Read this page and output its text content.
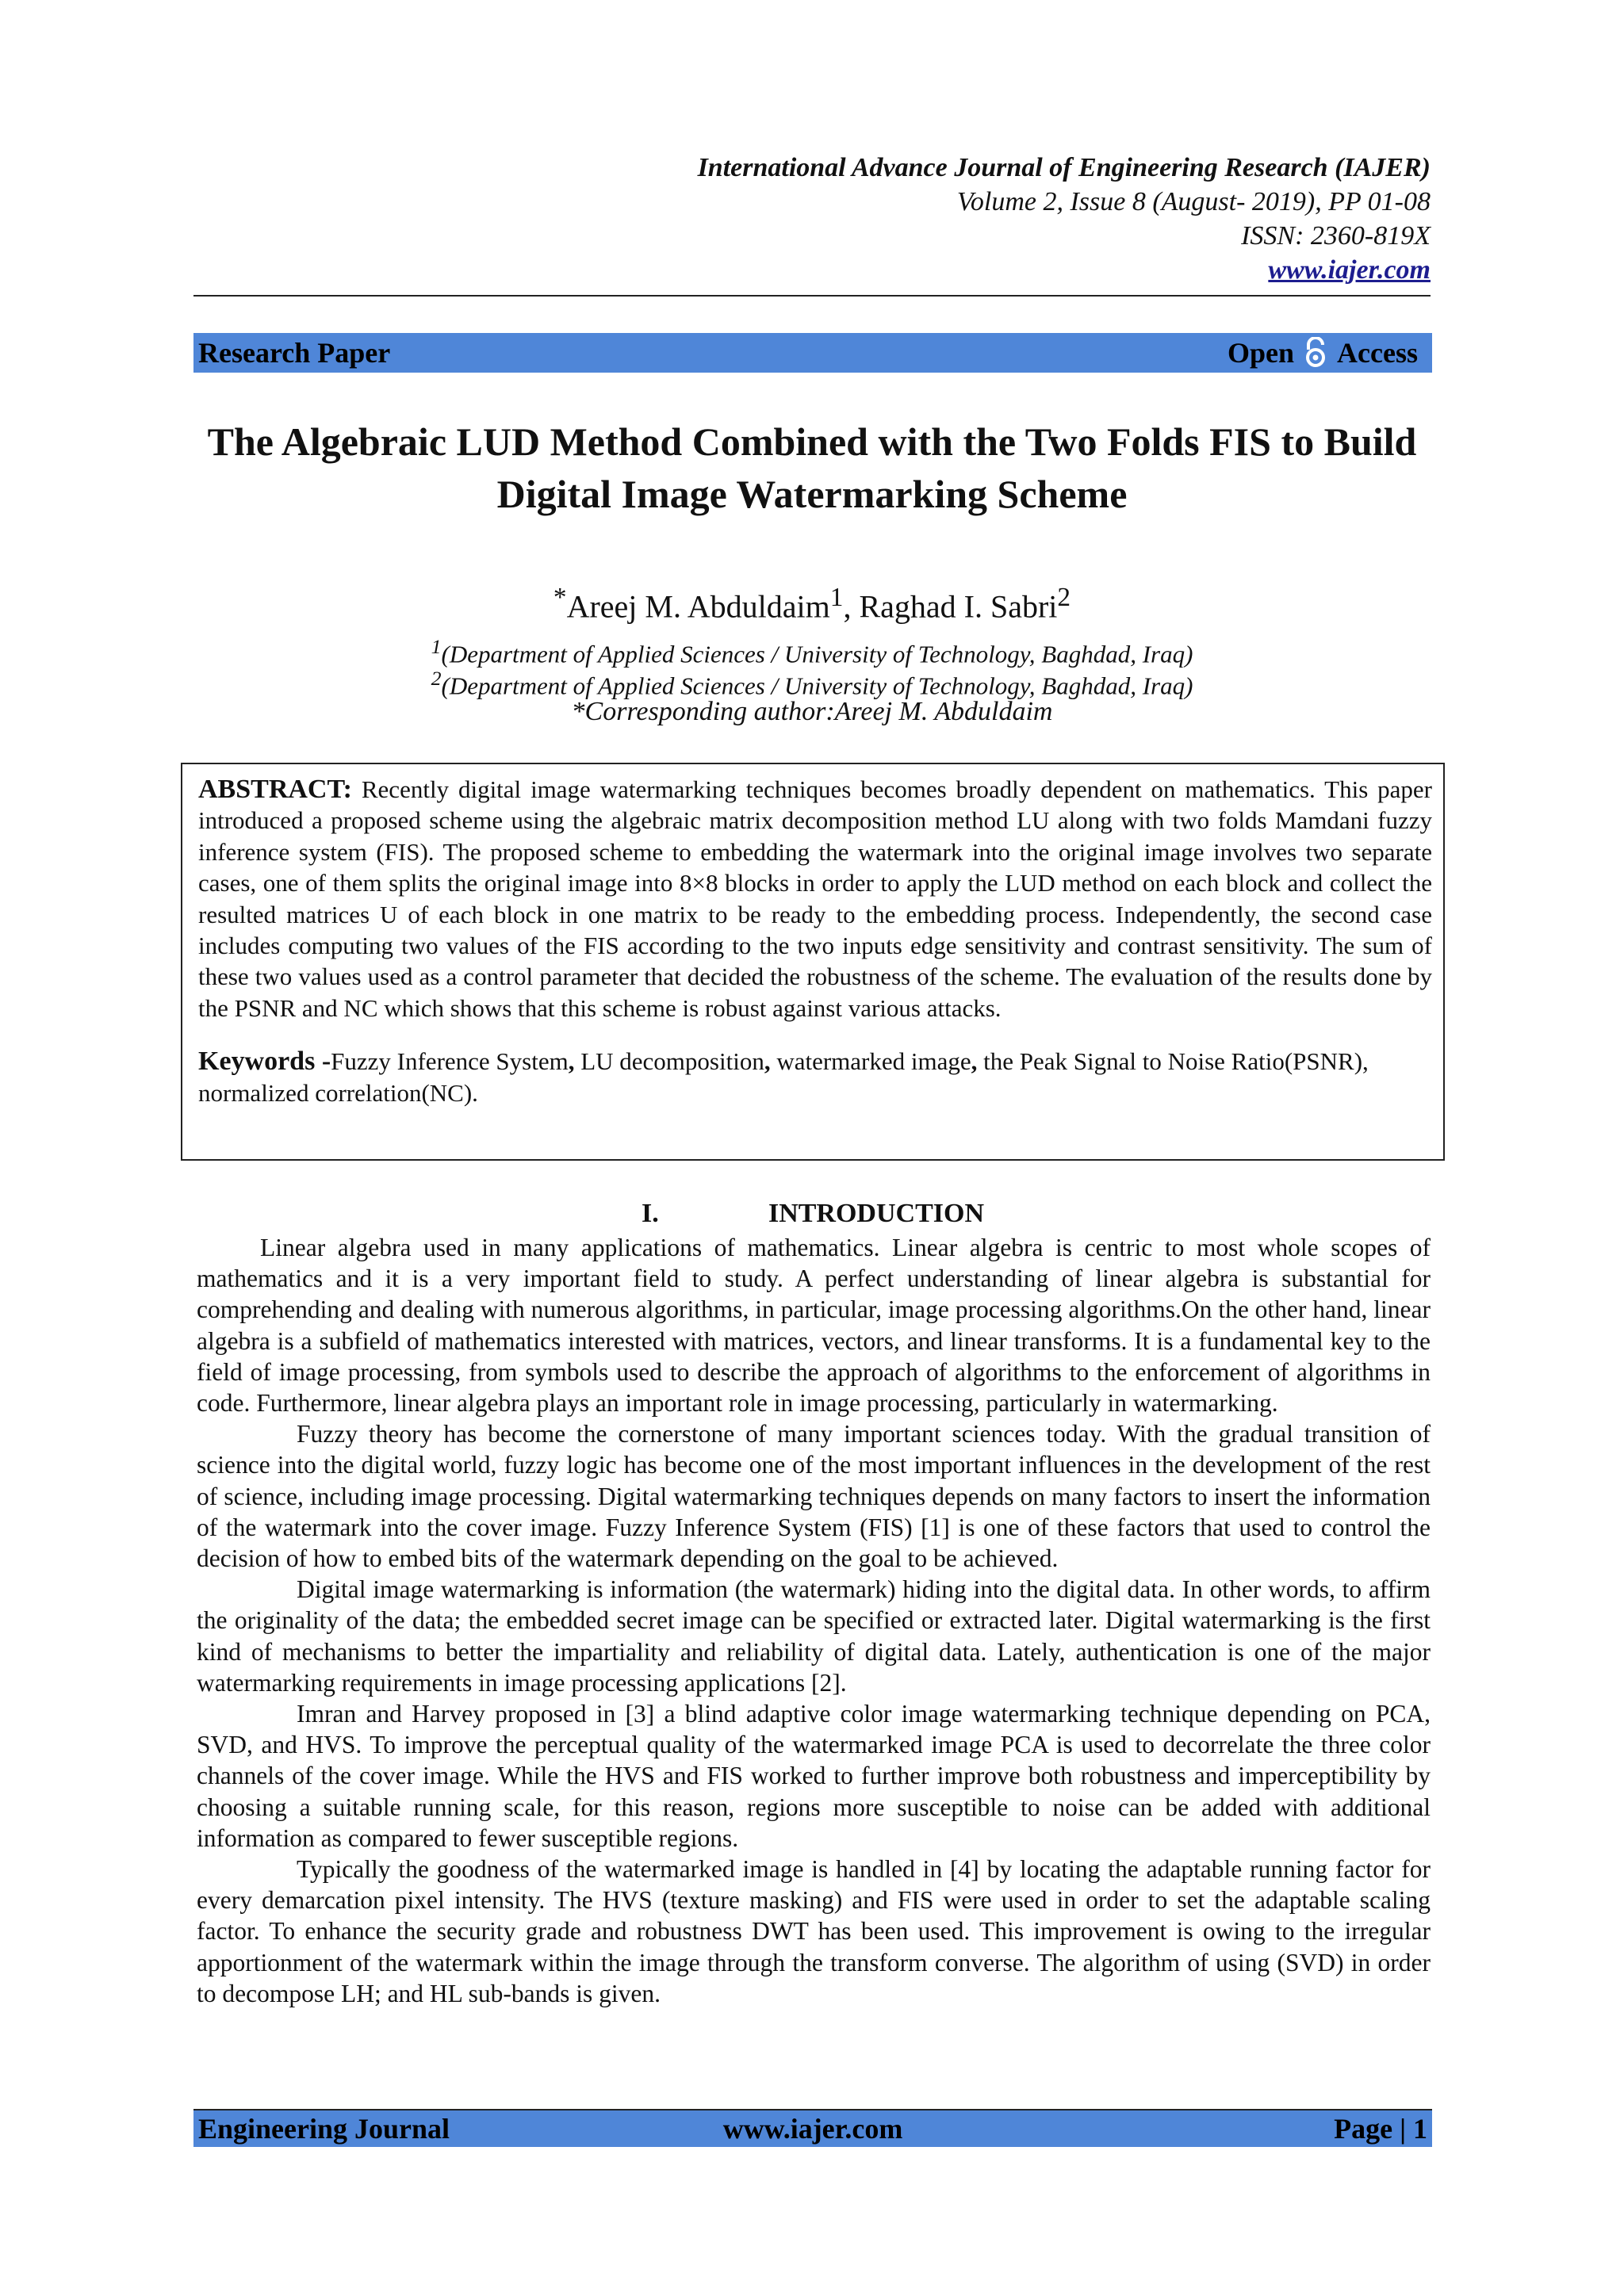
International Advance Journal of Engineering Research (IAJER)
Volume 2, Issue 8 (August- 2019), PP 01-08
ISSN: 2360-819X
www.iajer.com
Research Paper	Open Access
The Algebraic LUD Method Combined with the Two Folds FIS to Build Digital Image Watermarking Scheme
*Areej M. Abduldaim$^1$, Raghad I. Sabri$^2$
$^1$(Department of Applied Sciences / University of Technology, Baghdad, Iraq)
$^2$(Department of Applied Sciences / University of Technology, Baghdad, Iraq)
*Corresponding author:Areej M. Abduldaim
ABSTRACT: Recently digital image watermarking techniques becomes broadly dependent on mathematics. This paper introduced a proposed scheme using the algebraic matrix decomposition method LU along with two folds Mamdani fuzzy inference system (FIS). The proposed scheme to embedding the watermark into the original image involves two separate cases, one of them splits the original image into 8×8 blocks in order to apply the LUD method on each block and collect the resulted matrices U of each block in one matrix to be ready to the embedding process. Independently, the second case includes computing two values of the FIS according to the two inputs edge sensitivity and contrast sensitivity. The sum of these two values used as a control parameter that decided the robustness of the scheme. The evaluation of the results done by the PSNR and NC which shows that this scheme is robust against various attacks.
Keywords -Fuzzy Inference System, LU decomposition, watermarked image, the Peak Signal to Noise Ratio(PSNR), normalized correlation(NC).
I.	INTRODUCTION

Linear algebra used in many applications of mathematics. Linear algebra is centric to most whole scopes of mathematics and it is a very important field to study. A perfect understanding of linear algebra is substantial for comprehending and dealing with numerous algorithms, in particular, image processing algorithms.On the other hand, linear algebra is a subfield of mathematics interested with matrices, vectors, and linear transforms. It is a fundamental key to the field of image processing, from symbols used to describe the approach of algorithms to the enforcement of algorithms in code. Furthermore, linear algebra plays an important role in image processing, particularly in watermarking.

Fuzzy theory has become the cornerstone of many important sciences today. With the gradual transition of science into the digital world, fuzzy logic has become one of the most important influences in the development of the rest of science, including image processing. Digital watermarking techniques depends on many factors to insert the information of the watermark into the cover image. Fuzzy Inference System (FIS) [1] is one of these factors that used to control the decision of how to embed bits of the watermark depending on the goal to be achieved.

Digital image watermarking is information (the watermark) hiding into the digital data. In other words, to affirm the originality of the data; the embedded secret image can be specified or extracted later. Digital watermarking is the first kind of mechanisms to better the impartiality and reliability of digital data. Lately, authentication is one of the major watermarking requirements in image processing applications [2].

Imran and Harvey proposed in [3] a blind adaptive color image watermarking technique depending on PCA, SVD, and HVS. To improve the perceptual quality of the watermarked image PCA is used to decorrelate the three color channels of the cover image. While the HVS and FIS worked to further improve both robustness and imperceptibility by choosing a suitable running scale, for this reason, regions more susceptible to noise can be added with additional information as compared to fewer susceptible regions.

Typically the goodness of the watermarked image is handled in [4] by locating the adaptable running factor for every demarcation pixel intensity. The HVS (texture masking) and FIS were used in order to set the adaptable scaling factor. To enhance the security grade and robustness DWT has been used. This improvement is owing to the irregular apportionment of the watermark within the image through the transform converse. The algorithm of using (SVD) in order to decompose LH; and HL sub-bands is given.

Engineering Journal	www.iajer.com	Page | 1
